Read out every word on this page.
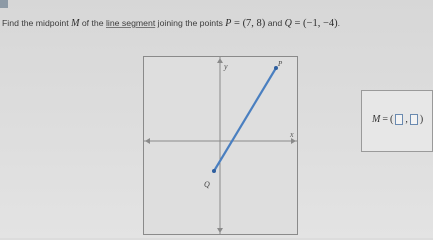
Find the midpoint M of the line segment joining the points P = (7, 8) and Q = (−1, −4).
y
x
P
Q
M = ( , )
